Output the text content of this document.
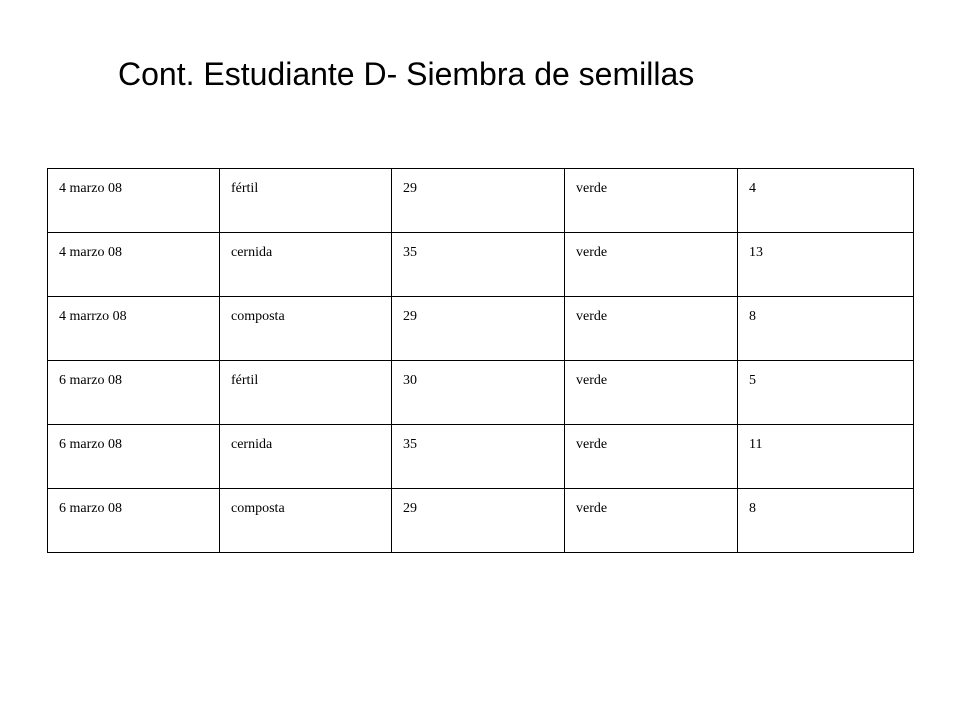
Cont. Estudiante D- Siembra de semillas
4 marzo 08	fértil	29	verde	4

4 marzo 08	cernida	35	verde	13

4 marrzo 08	composta	29	verde	8

6 marzo 08	fértil	30	verde	5

6 marzo 08	cernida	35	verde	11

6 marzo 08	composta	29	verde	8
